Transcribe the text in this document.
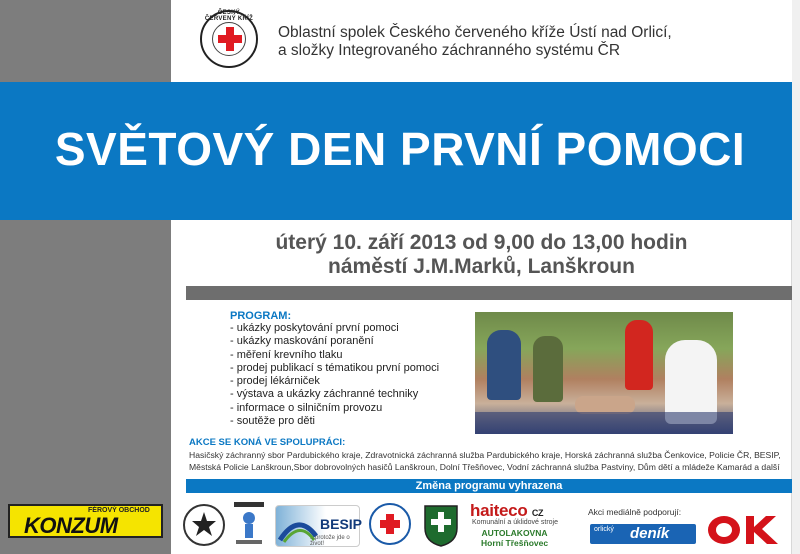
ČESKÝ ČERVENÝ KŘÍŽ
Oblastní spolek Českého červeného kříže Ústí nad Orlicí,
a složky Integrovaného záchranného systému ČR
SVĚTOVÝ DEN PRVNÍ POMOCI
úterý 10. září 2013 od 9,00 do 13,00 hodin
náměstí J.M.Marků, Lanškroun
PROGRAM:
- ukázky poskytování první pomoci
- ukázky maskování poranění
- měření krevního tlaku
- prodej publikací s tématikou první pomoci
- prodej lékárniček
- výstava a ukázky záchranné techniky
- informace o silničním provozu
- soutěže pro děti
AKCE SE KONÁ VE SPOLUPRÁCI:
Hasičský záchranný sbor Pardubického kraje, Zdravotnická záchranná služba Pardubického kraje, Horská záchranná služba Čenkovice, Policie ČR, BESIP, Městská Policie Lanškroun,Sbor dobrovolných hasičů Lanškroun, Dolní Třešňovec, Vodní záchranná služba Pastviny, Dům dětí a mládeže Kamarád a další
Změna programu vyhrazena
FÉROVÝ OBCHOD
KONZUM	BESIP
...protože jde o život!
haiteco CZ
Komunální a úklidové stroje
AUTOLAKOVNA
Horní Třešňovec
Akci mediálně podporují:
orlický deník
